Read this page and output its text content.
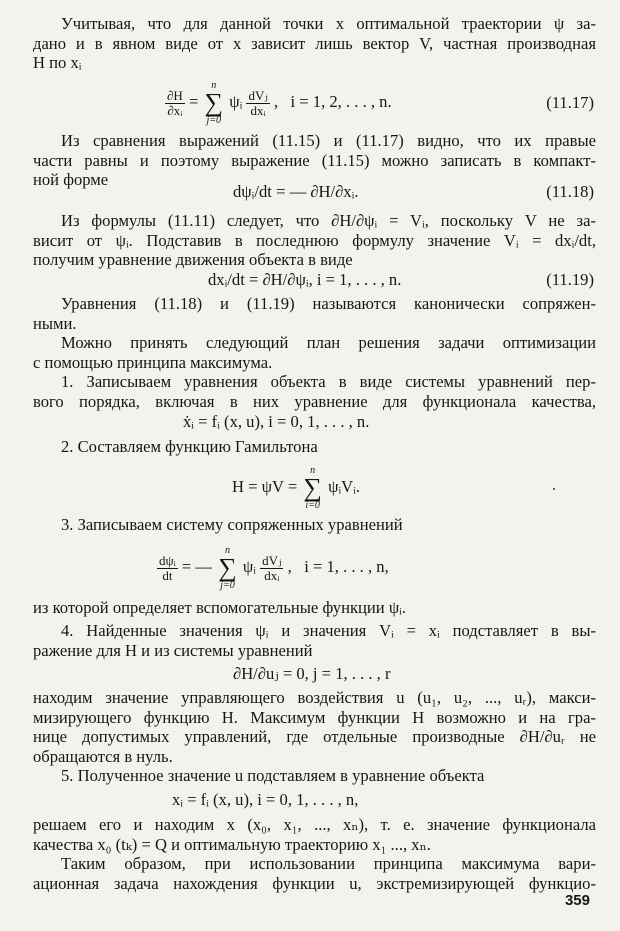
Учитывая, что для данной точки x оптимальной траектории ψ за-
дано и в явном виде от x зависит лишь вектор V, частная производная
H по xᵢ
$\frac{\partial H}{\text{∂xᵢ}}$ =
n
∑
j=0
ψᵢ $\frac{\text{dVⱼ}}{\text{dxᵢ}}$ ,   i = 1, 2, . . . , n.	(11.17)
Из сравнения выражений (11.15) и (11.17) видно, что их правые
части равны и поэтому выражение (11.15) можно записать в компакт-
ной форме
dψᵢ/dt = — ∂H/∂xᵢ.	(11.18)
Из формулы (11.11) следует, что ∂H/∂ψᵢ = Vᵢ, поскольку V не за-
висит от ψᵢ. Подставив в последнюю формулу значение Vᵢ = dxᵢ/dt,
получим уравнение движения объекта в виде
dxᵢ/dt = ∂H/∂ψᵢ, i = 1, . . . , n.	(11.19)
Уравнения (11.18) и (11.19) называются канонически сопряжен-
ными.
Можно принять следующий план решения задачи оптимизации
с помощью принципа максимума.
1. Записываем уравнения объекта в виде системы уравнений пер-
вого порядка, включая в них уравнение для функционала качества,
ẋᵢ = fᵢ (x, u), i = 0, 1, . . . , n.
2. Составляем функцию Гамильтона
H = ψV =
n
∑
i=0
ψᵢVᵢ.
3. Записываем систему сопряженных уравнений
$\frac{\text{dψᵢ}}{dt}$ = —
n
∑
j=0
ψᵢ $\frac{\text{dVⱼ}}{\text{dxᵢ}}$ ,   i = 1, . . . , n,
из которой определяет вспомогательные функции ψᵢ.
4. Найденные значения ψᵢ и значения Vᵢ = xᵢ подставляет в вы-
ражение для H и из системы уравнений
∂H/∂uⱼ = 0, j = 1, . . . , r
находим значение управляющего воздействия u (u₁, u₂, ..., uᵣ), макси-
мизирующего функцию H. Максимум функции H возможно и на гра-
нице допустимых управлений, где отдельные производные ∂H/∂uᵣ не
обращаются в нуль.
5. Полученное значение u подставляем в уравнение объекта
xᵢ = fᵢ (x, u), i = 0, 1, . . . , n,
решаем его и находим x (x₀, x₁, ..., xₙ), т. е. значение функционала
качества x₀ (tₖ) = Q и оптимальную траекторию x₁ ..., xₙ.
Таким образом, при использовании принципа максимума вари-
ационная задача нахождения функции u, экстремизирующей функцио-
359
